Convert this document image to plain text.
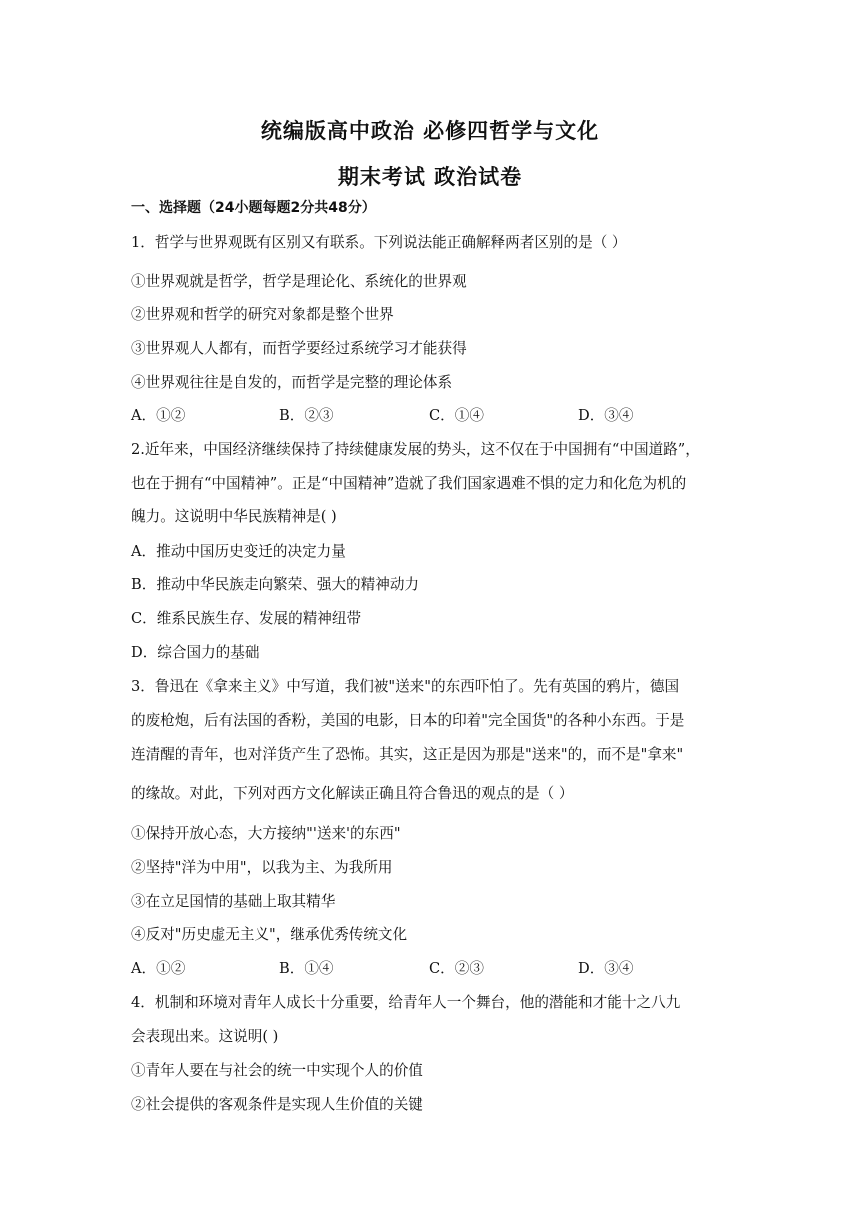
统编版高中政治 必修四哲学与文化
期末考试 政治试卷
一、选择题（24小题每题2分共48分）
1．哲学与世界观既有区别又有联系。下列说法能正确解释两者区别的是（ ）
①世界观就是哲学，哲学是理论化、系统化的世界观
②世界观和哲学的研究对象都是整个世界
③世界观人人都有，而哲学要经过系统学习才能获得
④世界观往往是自发的，而哲学是完整的理论体系
A．①②	B．②③	C．①④	D．③④
2.近年来，中国经济继续保持了持续健康发展的势头，这不仅在于中国拥有“中国道路”，
也在于拥有“中国精神”。正是“中国精神”造就了我们国家遇难不惧的定力和化危为机的
魄力。这说明中华民族精神是( )
A．推动中国历史变迁的决定力量
B．推动中华民族走向繁荣、强大的精神动力
C．维系民族生存、发展的精神纽带
D．综合国力的基础
3．鲁迅在《拿来主义》中写道，我们被"送来"的东西吓怕了。先有英国的鸦片，德国
的废枪炮，后有法国的香粉，美国的电影，日本的印着"完全国货"的各种小东西。于是
连清醒的青年，也对洋货产生了恐怖。其实，这正是因为那是"送来"的，而不是"拿来"
的缘故。对此，下列对西方文化解读正确且符合鲁迅的观点的是（ ）
①保持开放心态，大方接纳"'送来'的东西"
②坚持"洋为中用"，以我为主、为我所用
③在立足国情的基础上取其精华
④反对"历史虚无主义"，继承优秀传统文化
A．①②	B．①④	C．②③	D．③④
4．机制和环境对青年人成长十分重要，给青年人一个舞台，他的潜能和才能十之八九
会表现出来。这说明( )
①青年人要在与社会的统一中实现个人的价值
②社会提供的客观条件是实现人生价值的关键
